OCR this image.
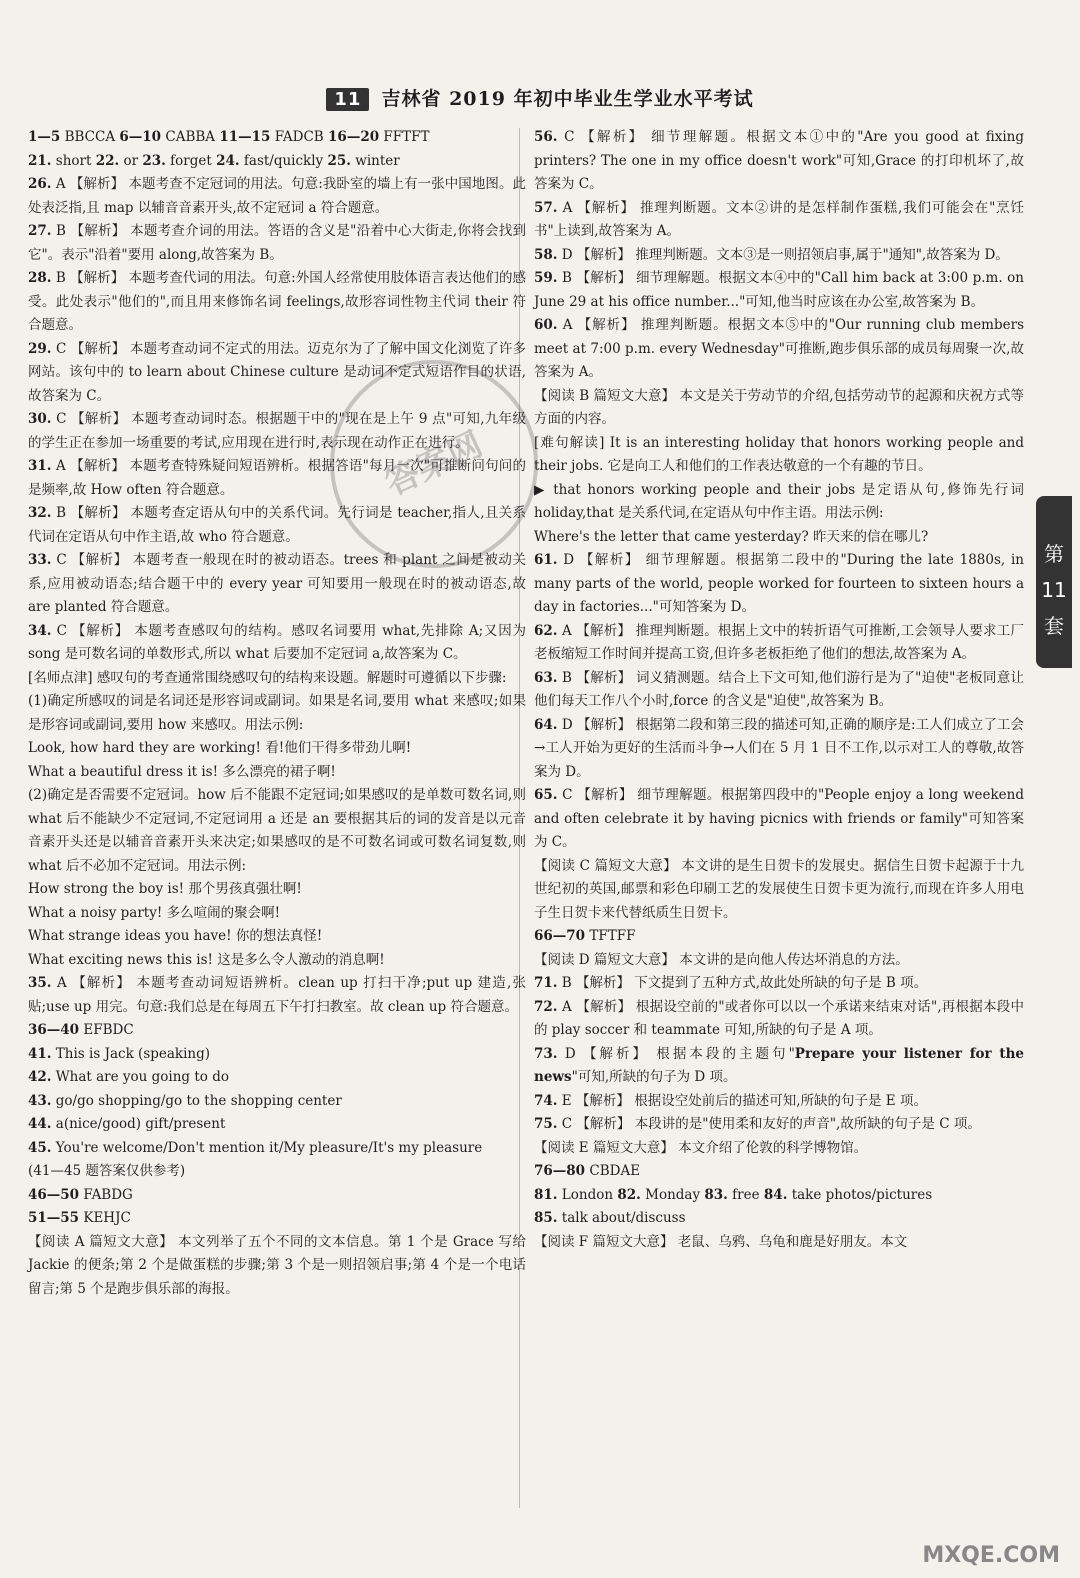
11 吉林省 2019 年初中毕业生学业水平考试

1—5 BBCCA 6—10 CABBA 11—15 FADCB 16—20 FFTFT

21. short 22. or 23. forget 24. fast/quickly 25. winter

26. A 【解析】 本题考查不定冠词的用法。句意:我卧室的墙上有一张中国地图。此处表泛指,且 map 以辅音音素开头,故不定冠词 a 符合题意。

27. B 【解析】 本题考查介词的用法。答语的含义是"沿着中心大街走,你将会找到它"。表示"沿着"要用 along,故答案为 B。

28. B 【解析】 本题考查代词的用法。句意:外国人经常使用肢体语言表达他们的感受。此处表示"他们的",而且用来修饰名词 feelings,故形容词性物主代词 their 符合题意。

29. C 【解析】 本题考查动词不定式的用法。迈克尔为了了解中国文化浏览了许多网站。该句中的 to learn about Chinese culture 是动词不定式短语作目的状语,故答案为 C。

30. C 【解析】 本题考查动词时态。根据题干中的"现在是上午 9 点"可知,九年级的学生正在参加一场重要的考试,应用现在进行时,表示现在动作正在进行。

31. A 【解析】 本题考查特殊疑问短语辨析。根据答语"每月一次"可推断问句问的是频率,故 How often 符合题意。

32. B 【解析】 本题考查定语从句中的关系代词。先行词是 teacher,指人,且关系代词在定语从句中作主语,故 who 符合题意。

33. C 【解析】 本题考查一般现在时的被动语态。trees 和 plant 之间是被动关系,应用被动语态;结合题干中的 every year 可知要用一般现在时的被动语态,故 are planted 符合题意。

34. C 【解析】 本题考查感叹句的结构。感叹名词要用 what,先排除 A;又因为 song 是可数名词的单数形式,所以 what 后要加不定冠词 a,故答案为 C。

[名师点津] 感叹句的考查通常围绕感叹句的结构来设题。解题时可遵循以下步骤:

(1)确定所感叹的词是名词还是形容词或副词。如果是名词,要用 what 来感叹;如果是形容词或副词,要用 how 来感叹。用法示例:

Look, how hard they are working! 看!他们干得多带劲儿啊!

What a beautiful dress it is! 多么漂亮的裙子啊!

(2)确定是否需要不定冠词。how 后不能跟不定冠词;如果感叹的是单数可数名词,则 what 后不能缺少不定冠词,不定冠词用 a 还是 an 要根据其后的词的发音是以元音音素开头还是以辅音音素开头来决定;如果感叹的是不可数名词或可数名词复数,则 what 后不必加不定冠词。用法示例:

How strong the boy is! 那个男孩真强壮啊!

What a noisy party! 多么喧闹的聚会啊!

What strange ideas you have! 你的想法真怪!

What exciting news this is! 这是多么令人激动的消息啊!

35. A 【解析】 本题考查动词短语辨析。clean up 打扫干净;put up 建造,张贴;use up 用完。句意:我们总是在每周五下午打扫教室。故 clean up 符合题意。

36—40 EFBDC

41. This is Jack (speaking)

42. What are you going to do

43. go/go shopping/go to the shopping center

44. a(nice/good) gift/present

45. You're welcome/Don't mention it/My pleasure/It's my pleasure

(41—45 题答案仅供参考)

46—50 FABDG

51—55 KEHJC

【阅读 A 篇短文大意】 本文列举了五个不同的文本信息。第 1 个是 Grace 写给 Jackie 的便条;第 2 个是做蛋糕的步骤;第 3 个是一则招领启事;第 4 个是一个电话留言;第 5 个是跑步俱乐部的海报。

56. C 【解析】 细节理解题。根据文本①中的"Are you good at fixing printers? The one in my office doesn't work"可知,Grace 的打印机坏了,故答案为 C。

57. A 【解析】 推理判断题。文本②讲的是怎样制作蛋糕,我们可能会在"烹饪书"上读到,故答案为 A。

58. D 【解析】 推理判断题。文本③是一则招领启事,属于"通知",故答案为 D。

59. B 【解析】 细节理解题。根据文本④中的"Call him back at 3:00 p.m. on June 29 at his office number..."可知,他当时应该在办公室,故答案为 B。

60. A 【解析】 推理判断题。根据文本⑤中的"Our running club members meet at 7:00 p.m. every Wednesday"可推断,跑步俱乐部的成员每周聚一次,故答案为 A。

【阅读 B 篇短文大意】 本文是关于劳动节的介绍,包括劳动节的起源和庆祝方式等方面的内容。

[难句解读] It is an interesting holiday that honors working people and their jobs. 它是向工人和他们的工作表达敬意的一个有趣的节日。

▶ that honors working people and their jobs 是定语从句,修饰先行词 holiday,that 是关系代词,在定语从句中作主语。用法示例:

Where's the letter that came yesterday? 昨天来的信在哪儿?

61. D 【解析】 细节理解题。根据第二段中的"During the late 1880s, in many parts of the world, people worked for fourteen to sixteen hours a day in factories..."可知答案为 D。

62. A 【解析】 推理判断题。根据上文中的转折语气可推断,工会领导人要求工厂老板缩短工作时间并提高工资,但许多老板拒绝了他们的想法,故答案为 A。

63. B 【解析】 词义猜测题。结合上下文可知,他们游行是为了"迫使"老板同意让他们每天工作八个小时,force 的含义是"迫使",故答案为 B。

64. D 【解析】 根据第二段和第三段的描述可知,正确的顺序是:工人们成立了工会→工人开始为更好的生活而斗争→人们在 5 月 1 日不工作,以示对工人的尊敬,故答案为 D。

65. C 【解析】 细节理解题。根据第四段中的"People enjoy a long weekend and often celebrate it by having picnics with friends or family"可知答案为 C。

【阅读 C 篇短文大意】 本文讲的是生日贺卡的发展史。据信生日贺卡起源于十九世纪初的英国,邮票和彩色印刷工艺的发展使生日贺卡更为流行,而现在许多人用电子生日贺卡来代替纸质生日贺卡。

66—70 TFTFF

【阅读 D 篇短文大意】 本文讲的是向他人传达坏消息的方法。

71. B 【解析】 下文提到了五种方式,故此处所缺的句子是 B 项。

72. A 【解析】 根据设空前的"或者你可以以一个承诺来结束对话",再根据本段中的 play soccer 和 teammate 可知,所缺的句子是 A 项。

73. D 【解析】 根据本段的主题句"Prepare your listener for the news"可知,所缺的句子为 D 项。

74. E 【解析】 根据设空处前后的描述可知,所缺的句子是 E 项。

75. C 【解析】 本段讲的是"使用柔和友好的声音",故所缺的句子是 C 项。

【阅读 E 篇短文大意】 本文介绍了伦敦的科学博物馆。

76—80 CBDAE

81. London 82. Monday 83. free 84. take photos/pictures

85. talk about/discuss

【阅读 F 篇短文大意】 老鼠、乌鸦、乌龟和鹿是好朋友。本文

第 11 套
答案网
MXQE.COM
